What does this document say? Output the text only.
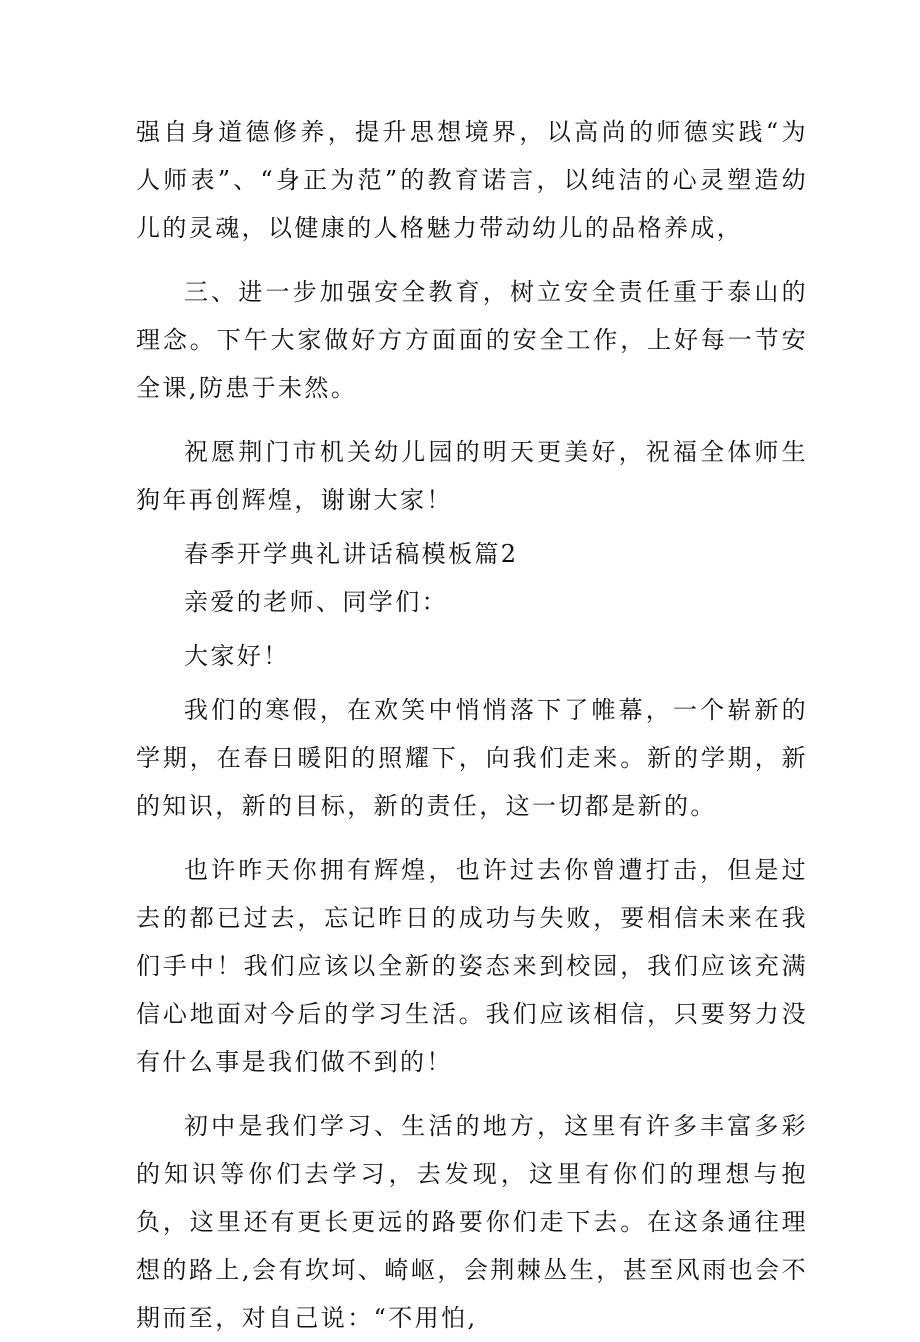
强自身道德修养，提升思想境界，以高尚的师德实践“为人师表”、“身正为范”的教育诺言，以纯洁的心灵塑造幼儿的灵魂，以健康的人格魅力带动幼儿的品格养成，

三、进一步加强安全教育，树立安全责任重于泰山的理念。下午大家做好方方面面的安全工作，上好每一节安全课,防患于未然。

祝愿荆门市机关幼儿园的明天更美好，祝福全体师生狗年再创辉煌，谢谢大家！

春季开学典礼讲话稿模板篇2

亲爱的老师、同学们：

大家好！

我们的寒假，在欢笑中悄悄落下了帷幕，一个崭新的学期，在春日暖阳的照耀下，向我们走来。新的学期，新的知识，新的目标，新的责任，这一切都是新的。

也许昨天你拥有辉煌，也许过去你曾遭打击，但是过去的都已过去，忘记昨日的成功与失败，要相信未来在我们手中！我们应该以全新的姿态来到校园，我们应该充满信心地面对今后的学习生活。我们应该相信，只要努力没有什么事是我们做不到的！

初中是我们学习、生活的地方，这里有许多丰富多彩的知识等你们去学习，去发现，这里有你们的理想与抱负，这里还有更长更远的路要你们走下去。在这条通往理想的路上,会有坎坷、崎岖，会荆棘丛生，甚至风雨也会不期而至，对自己说：“不用怕,
